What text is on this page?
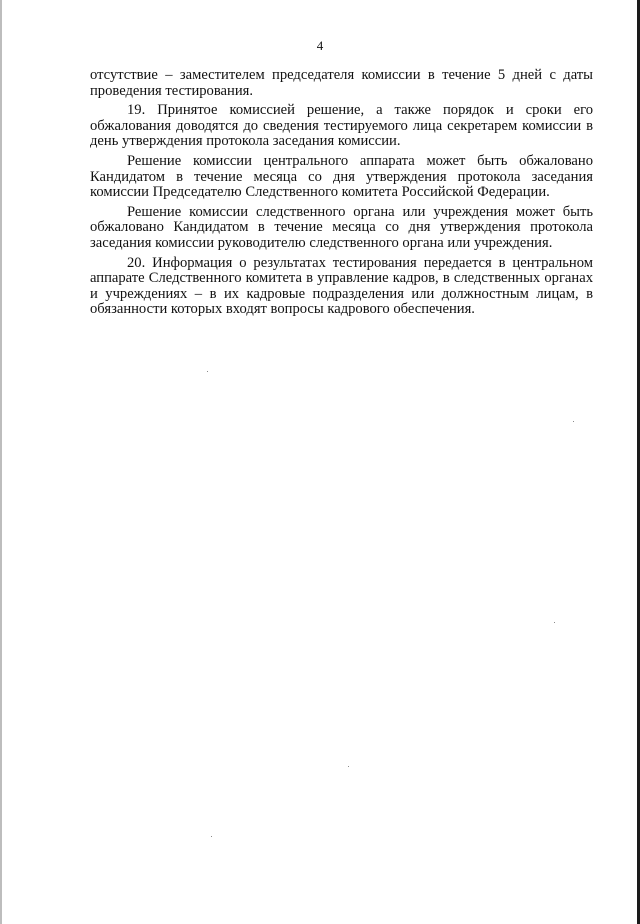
4

отсутствие – заместителем председателя комиссии в течение 5 дней с даты проведения тестирования.

19. Принятое комиссией решение, а также порядок и сроки его обжалования доводятся до сведения тестируемого лица секретарем комиссии в день утверждения протокола заседания комиссии.

Решение комиссии центрального аппарата может быть обжаловано Кандидатом в течение месяца со дня утверждения протокола заседания комиссии Председателю Следственного комитета Российской Федерации.

Решение комиссии следственного органа или учреждения может быть обжаловано Кандидатом в течение месяца со дня утверждения протокола заседания комиссии руководителю следственного органа или учреждения.

20. Информация о результатах тестирования передается в центральном аппарате Следственного комитета в управление кадров, в следственных органах и учреждениях – в их кадровые подразделения или должностным лицам, в обязанности которых входят вопросы кадрового обеспечения.
